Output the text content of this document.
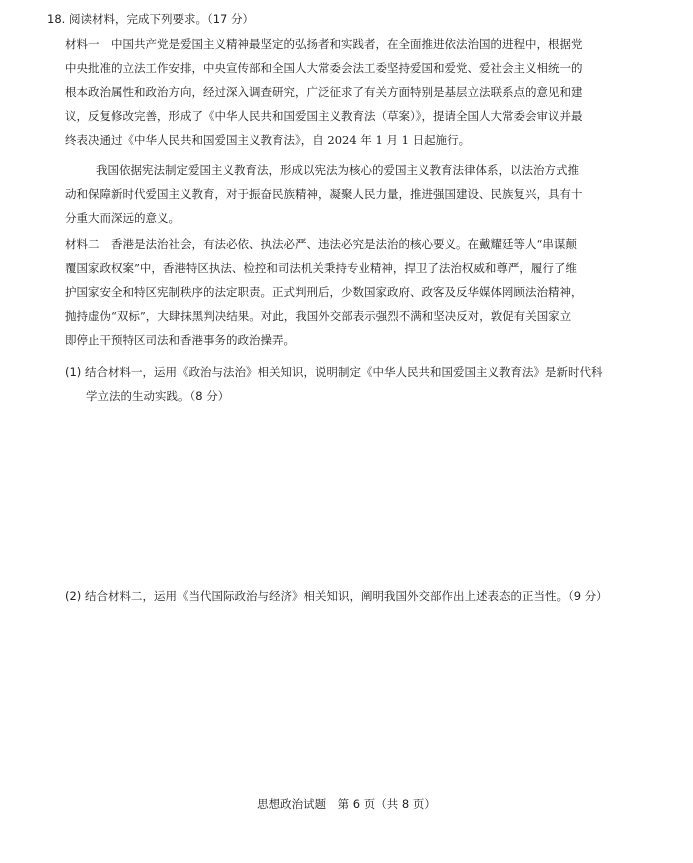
18. 阅读材料，完成下列要求。（17 分）
材料一　中国共产党是爱国主义精神最坚定的弘扬者和实践者，在全面推进依法治国的进程中，根据党
中央批准的立法工作安排，中央宣传部和全国人大常委会法工委坚持爱国和爱党、爱社会主义相统一的
根本政治属性和政治方向，经过深入调查研究，广泛征求了有关方面特别是基层立法联系点的意见和建
议，反复修改完善，形成了《中华人民共和国爱国主义教育法（草案）》，提请全国人大常委会审议并最
终表决通过《中华人民共和国爱国主义教育法》，自 2024 年 1 月 1 日起施行。
我国依据宪法制定爱国主义教育法，形成以宪法为核心的爱国主义教育法律体系，以法治方式推
动和保障新时代爱国主义教育，对于振奋民族精神，凝聚人民力量，推进强国建设、民族复兴，具有十
分重大而深远的意义。
材料二　香港是法治社会，有法必依、执法必严、违法必究是法治的核心要义。在戴耀廷等人“串谋颠
覆国家政权案”中，香港特区执法、检控和司法机关秉持专业精神，捍卫了法治权威和尊严，履行了维
护国家安全和特区宪制秩序的法定职责。正式判刑后，少数国家政府、政客及反华媒体罔顾法治精神，
抛持虚伪“双标”，大肆抹黑判决结果。对此，我国外交部表示强烈不满和坚决反对，敦促有关国家立
即停止干预特区司法和香港事务的政治操弄。
(1) 结合材料一，运用《政治与法治》相关知识，说明制定《中华人民共和国爱国主义教育法》是新时代科
学立法的生动实践。（8 分）
(2) 结合材料二，运用《当代国际政治与经济》相关知识，阐明我国外交部作出上述表态的正当性。（9 分）
思想政治试题　第 6 页（共 8 页）
